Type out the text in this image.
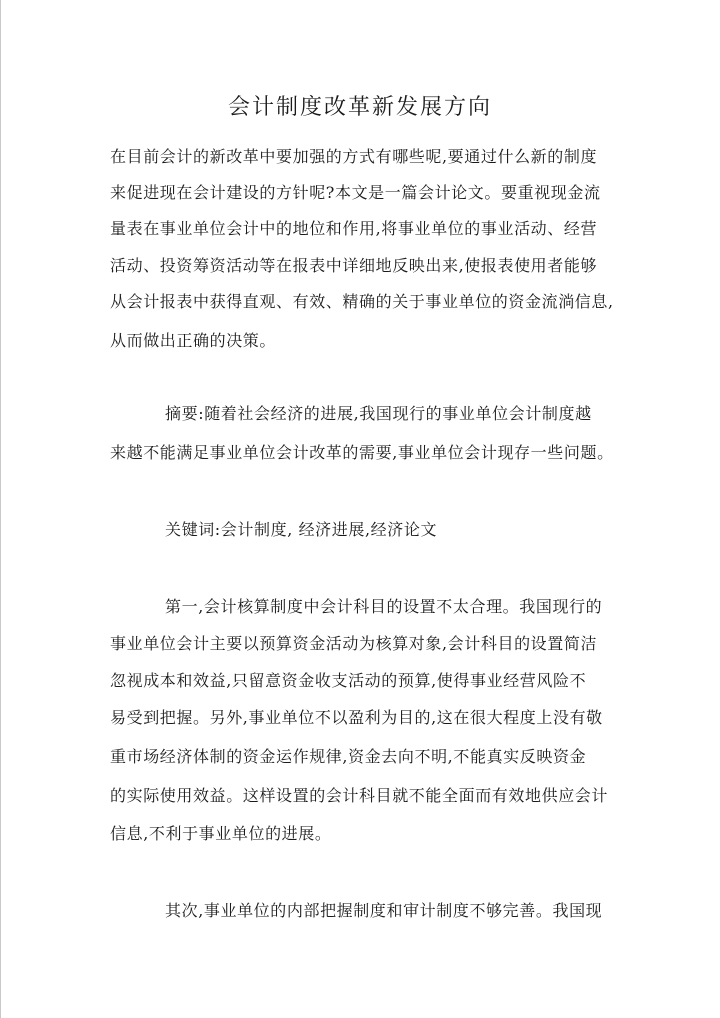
会计制度改革新发展方向
在目前会计的新改革中要加强的方式有哪些呢,要通过什么新的制度
来促进现在会计建设的方针呢?本文是一篇会计论文。要重视现金流
量表在事业单位会计中的地位和作用,将事业单位的事业活动、经营
活动、投资筹资活动等在报表中详细地反映出来,使报表使用者能够
从会计报表中获得直观、有效、精确的关于事业单位的资金流淌信息,
从而做出正确的决策。
摘要:随着社会经济的进展,我国现行的事业单位会计制度越
来越不能满足事业单位会计改革的需要,事业单位会计现存一些问题。
关键词:会计制度, 经济进展,经济论文
第一,会计核算制度中会计科目的设置不太合理。我国现行的
事业单位会计主要以预算资金活动为核算对象,会计科目的设置简洁
忽视成本和效益,只留意资金收支活动的预算,使得事业经营风险不
易受到把握。另外,事业单位不以盈利为目的,这在很大程度上没有敬
重市场经济体制的资金运作规律,资金去向不明,不能真实反映资金
的实际使用效益。这样设置的会计科目就不能全面而有效地供应会计
信息,不利于事业单位的进展。
其次,事业单位的内部把握制度和审计制度不够完善。我国现
